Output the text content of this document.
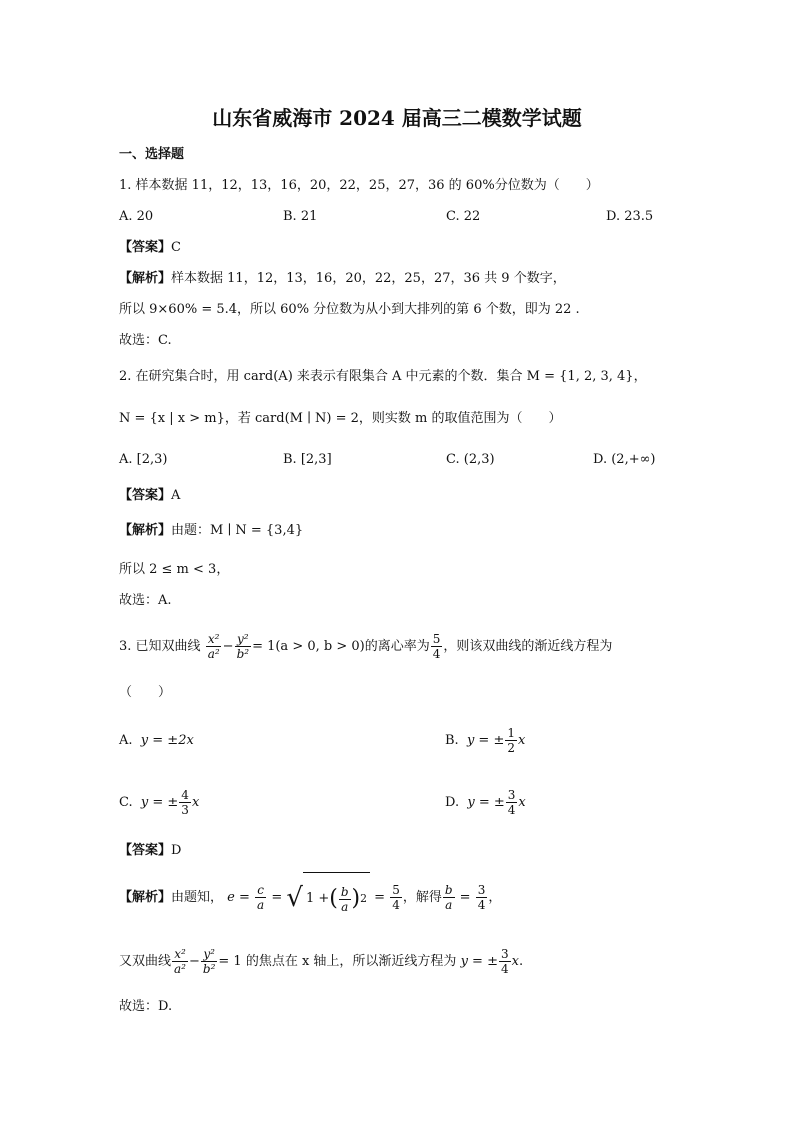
山东省威海市 2024 届高三二模数学试题
一、选择题
1. 样本数据 11，12，13，16，20，22，25，27，36 的 60%分位数为（　　）
A. 20	B. 21	C. 22	D. 23.5
【答案】C
【解析】样本数据 11，12，13，16，20，22，25，27，36 共 9 个数字，
所以 9×60% = 5.4，所以 60% 分位数为从小到大排列的第 6 个数，即为 22 .
故选：C.
2. 在研究集合时，用 card(A) 来表示有限集合 A 中元素的个数．集合 M = {1, 2, 3, 4}，
N = {x | x > m}，若 card(M ∣ N) = 2，则实数 m 的取值范围为（　　）
A. [2,3)	B. [2,3]	C. (2,3)	D. (2,+∞)
【答案】A
【解析】由题：M ∣ N = {3,4}
所以 2 ≤ m < 3，
故选：A.
3. 已知双曲线 $\frac{\text{x²}}{\text{a²}} - \frac{\text{y²}}{\text{b²}} = 1(a > 0$, b > 0)的离心率为 $\frac{5}{4}$ ，则该双曲线的渐近线方程为
（　　）
A. y = ±2x	B. y = ± $\frac{1}{2}$ x
C. y = ± $\frac{4}{3}$ x	D. y = ± $\frac{3}{4}$ x
【答案】D
【解析】由题知， $e = \frac{c}{a}$ = √ 1 + ( $\frac{b}{a}$ ) $2 = \frac{5}{4}$ ，解得 $\frac{b}{a} = \frac{3}{4}$ ，
又双曲线 $\frac{\text{x²}}{\text{a²}} - \frac{\text{y²}}{\text{b²}} = 1$ 的焦点在 x 轴上，所以渐近线方程为 y = ± $\frac{3}{4} x$.
故选：D.
